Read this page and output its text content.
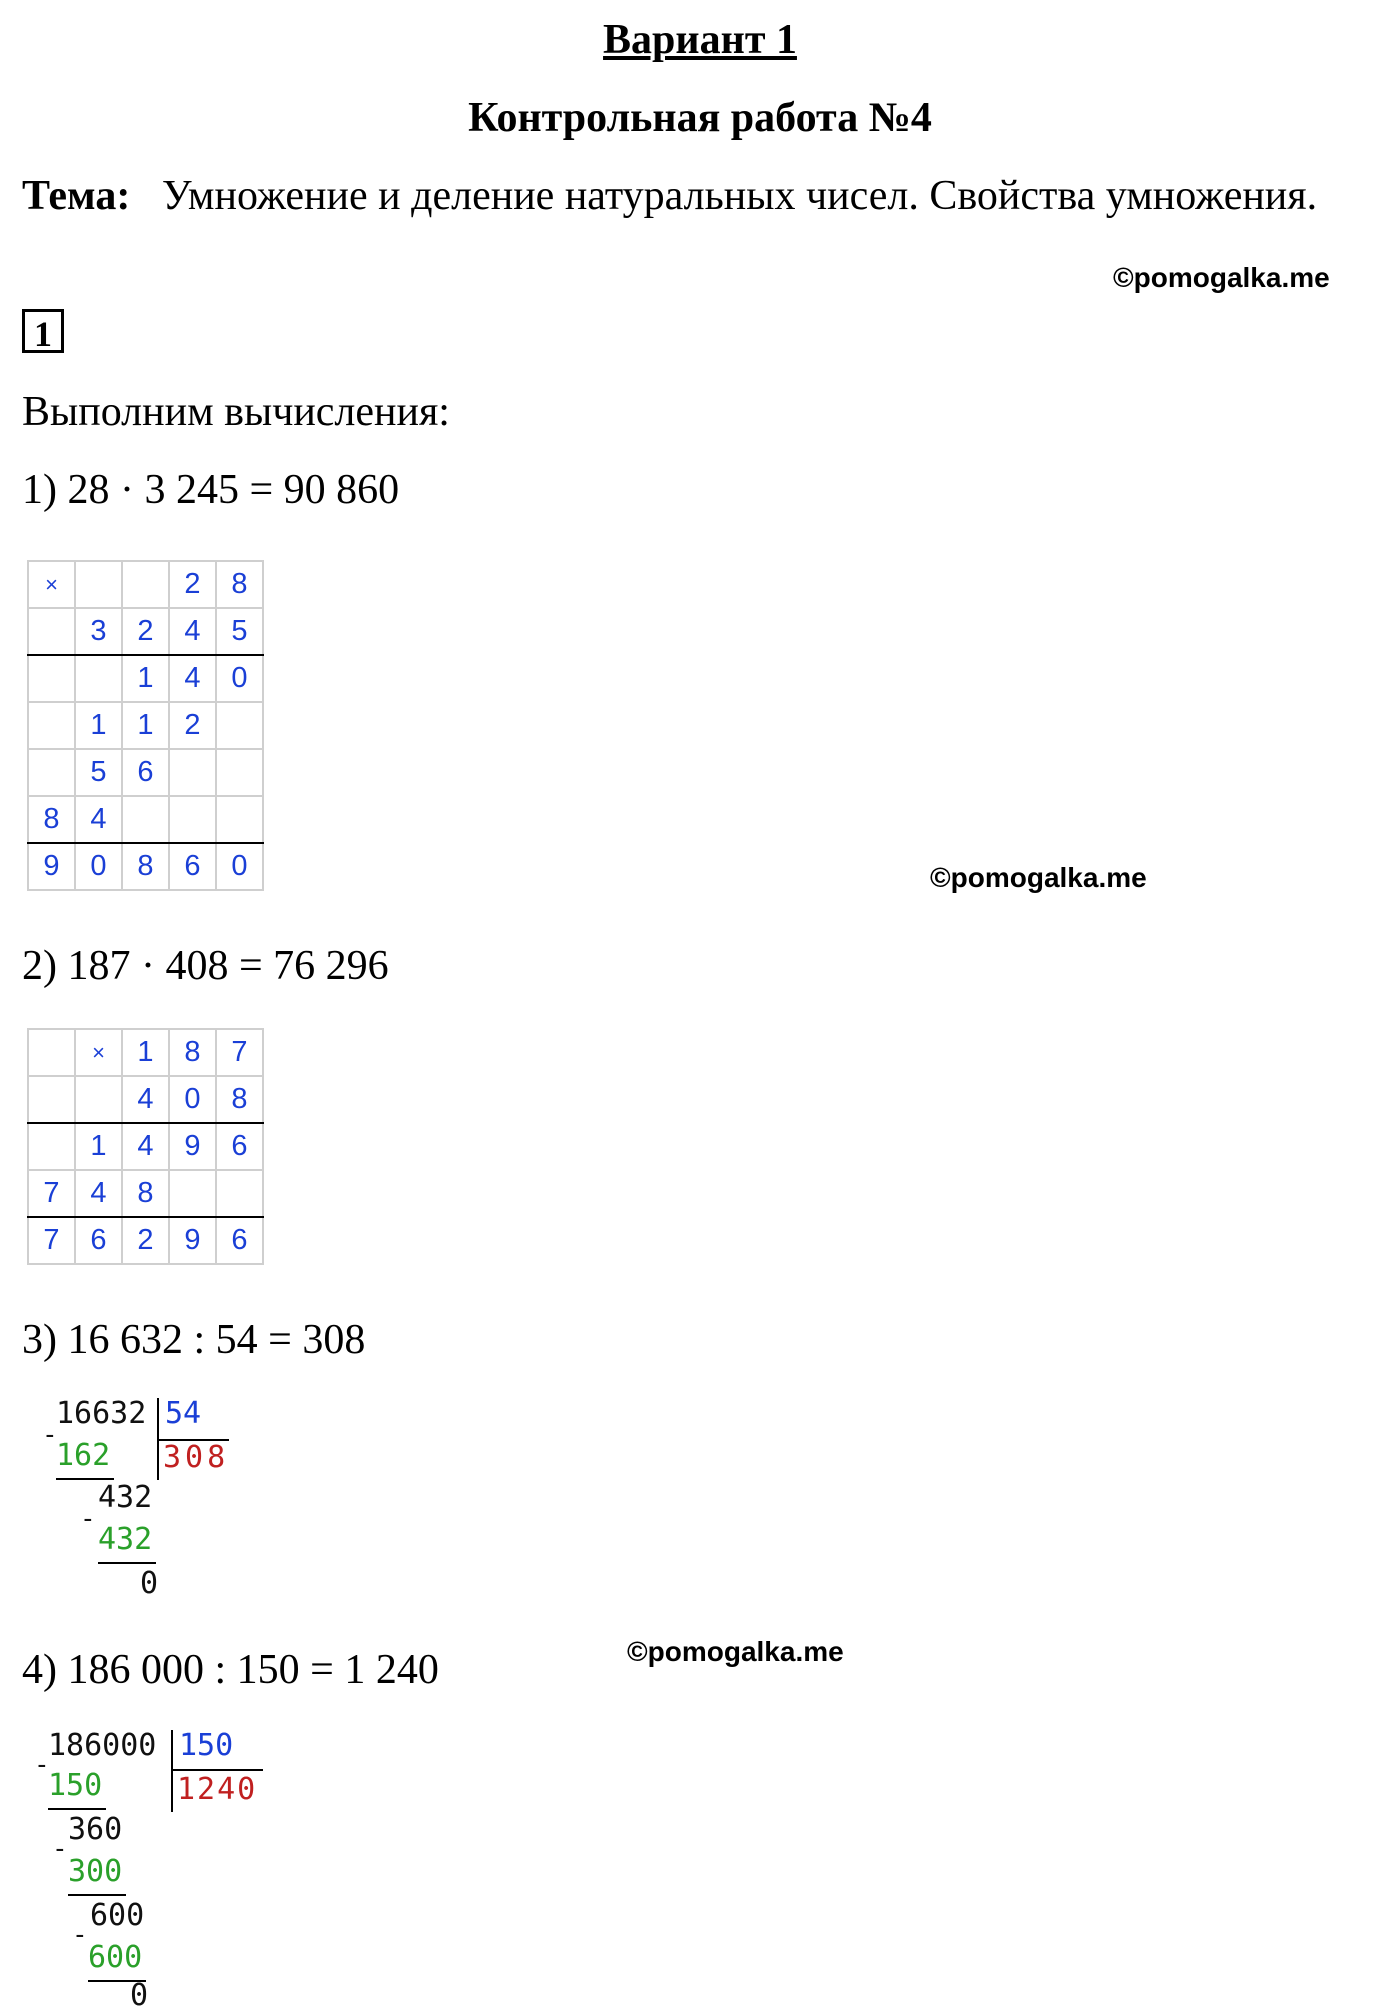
Вариант 1
Контрольная работа №4
Тема: Умножение и деление натуральных чисел. Свойства умножения.
©pomogalka.me
1
Выполним вычисления:
1) 28 · 3 245 = 90 860
×			2	8
	3	2	4	5
		1	4	0
	1	1	2	
	5	6		
8	4			
9	0	8	6	0	©pomogalka.me
2) 187 · 408 = 76 296
	×	1	8	7
		4	0	8
	1	4	9	6
7	4	8		
7	6	2	9	6
3) 16 632 : 54 = 308
16632 54
308
-
162
432
-
432
0
©pomogalka.me
4) 186 000 : 150 = 1 240
186000 150
1240
-
150
360
-
300
600
-
600
0
